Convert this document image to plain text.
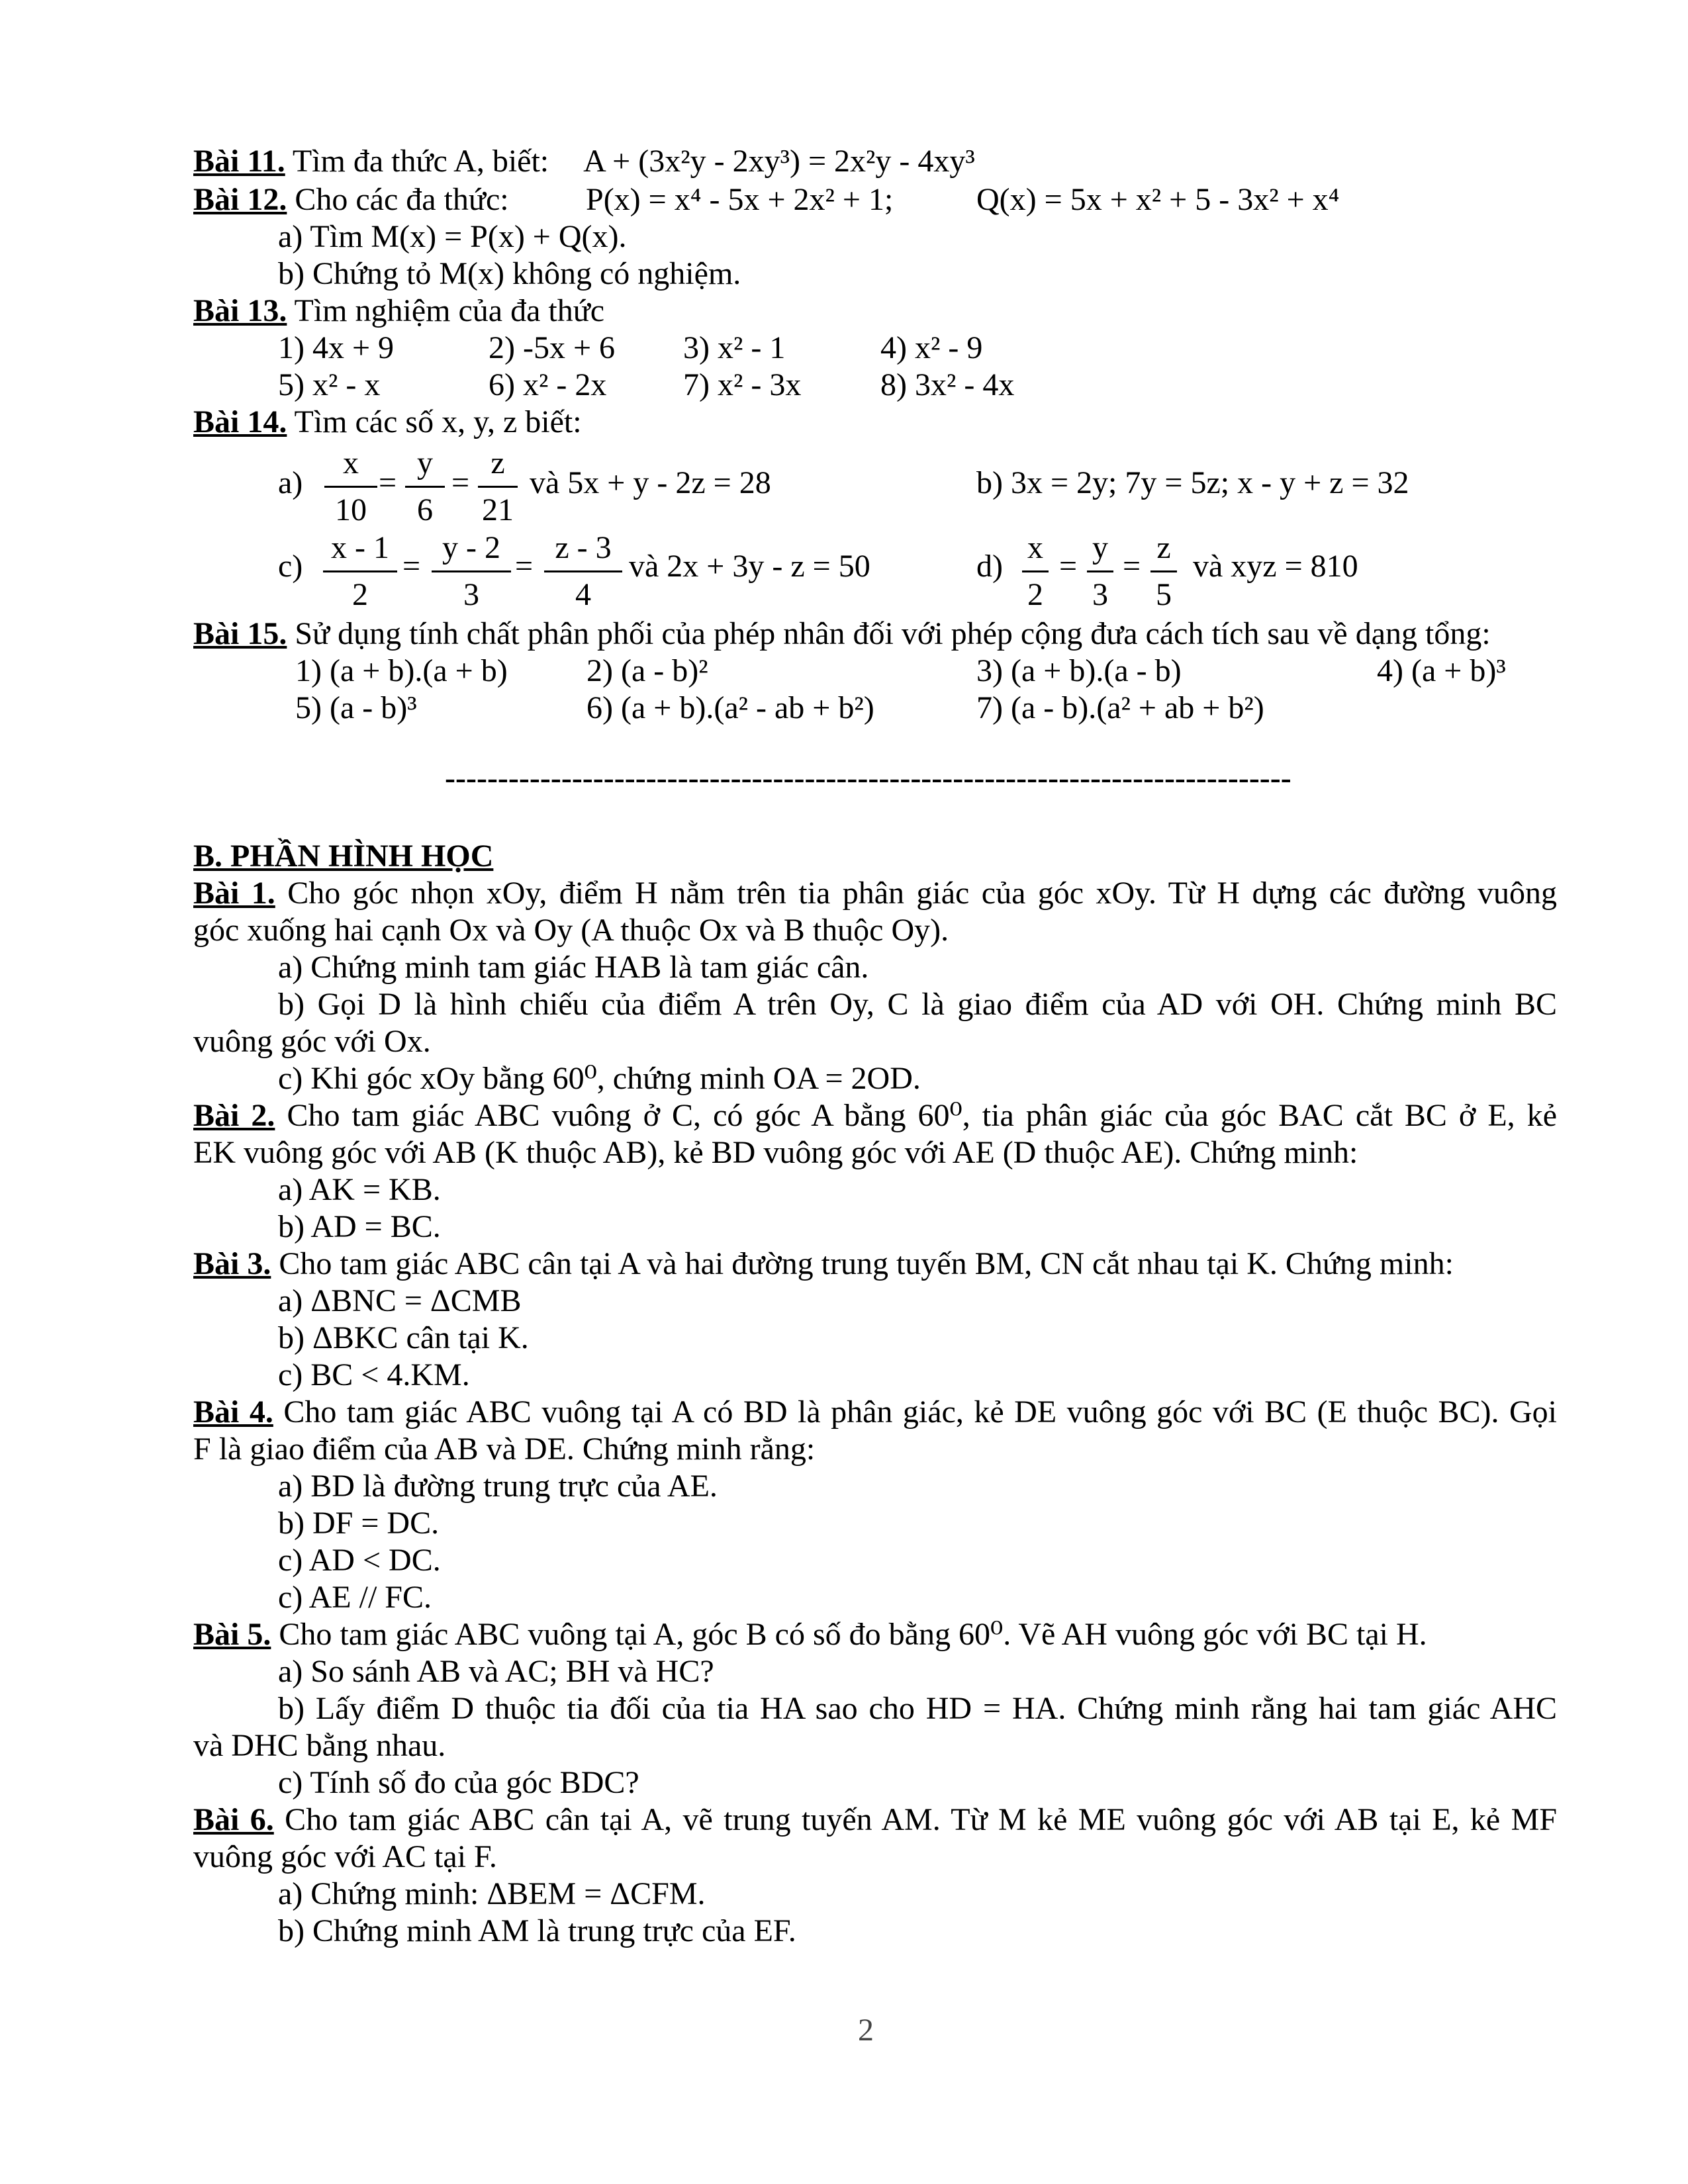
Bài 11. Tìm đa thức A, biết: A + (3x²y - 2xy³) = 2x²y - 4xy³
Bài 12. Cho các đa thức: P(x) = x⁴ - 5x + 2x² + 1;	Q(x) = 5x + x² + 5 - 3x² + x⁴
a) Tìm M(x) = P(x) + Q(x).
b) Chứng tỏ M(x) không có nghiệm.
Bài 13. Tìm nghiệm của đa thức
1) 4x + 9	2) -5x + 6 3) x² - 1	4) x² - 9
5) x² - x	6) x² - 2x 7) x² - 3x 8) 3x² - 4x
Bài 14. Tìm các số x, y, z biết:
$a) \frac{x}{10} = \frac{y}{6} = \frac{z}{21}$ và 5x + y - 2z = 28	b) 3x = 2y; 7y = 5z; x - y + z = 32
$c) \frac{x - 1}{2} = \frac{y - 2}{3} = \frac{z - 3}{4}$ và 2x + 3y - z = 50	$d) \frac{x}{2} = \frac{y}{3} = \frac{z}{5}$ và xyz = 810
Bài 15. Sử dụng tính chất phân phối của phép nhân đối với phép cộng đưa cách tích sau về dạng tổng:
1) (a + b).(a + b) 2) (a - b)²	3) (a + b).(a - b)	4) (a + b)³
5) (a - b)³	6) (a + b).(a² - ab + b²)	7) (a - b).(a² + ab + b²)
--------------------------------------------------------------------------------
B. PHẦN HÌNH HỌC
Bài 1. Cho góc nhọn xOy, điểm H nằm trên tia phân giác của góc xOy. Từ H dựng các đường vuông
góc xuống hai cạnh Ox và Oy (A thuộc Ox và B thuộc Oy).
a) Chứng minh tam giác HAB là tam giác cân.
b) Gọi D là hình chiếu của điểm A trên Oy, C là giao điểm của AD với OH. Chứng minh BC
vuông góc với Ox.
c) Khi góc xOy bằng 60⁰, chứng minh OA = 2OD.
Bài 2. Cho tam giác ABC vuông ở C, có góc A bằng 60⁰, tia phân giác của góc BAC cắt BC ở E, kẻ
EK vuông góc với AB (K thuộc AB), kẻ BD vuông góc với AE (D thuộc AE). Chứng minh:
a) AK = KB.
b) AD = BC.
Bài 3. Cho tam giác ABC cân tại A và hai đường trung tuyến BM, CN cắt nhau tại K. Chứng minh:
a) ΔBNC = ΔCMB
b) ΔBKC cân tại K.
c) BC < 4.KM.
Bài 4. Cho tam giác ABC vuông tại A có BD là phân giác, kẻ DE vuông góc với BC (E thuộc BC). Gọi
F là giao điểm của AB và DE. Chứng minh rằng:
a) BD là đường trung trực của AE.
b) DF = DC.
c) AD < DC.
c) AE // FC.
Bài 5. Cho tam giác ABC vuông tại A, góc B có số đo bằng 60⁰. Vẽ AH vuông góc với BC tại H.
a) So sánh AB và AC; BH và HC?
b) Lấy điểm D thuộc tia đối của tia HA sao cho HD = HA. Chứng minh rằng hai tam giác AHC
và DHC bằng nhau.
c) Tính số đo của góc BDC?
Bài 6. Cho tam giác ABC cân tại A, vẽ trung tuyến AM. Từ M kẻ ME vuông góc với AB tại E, kẻ MF
vuông góc với AC tại F.
a) Chứng minh: ΔBEM = ΔCFM.
b) Chứng minh AM là trung trực của EF.
2
